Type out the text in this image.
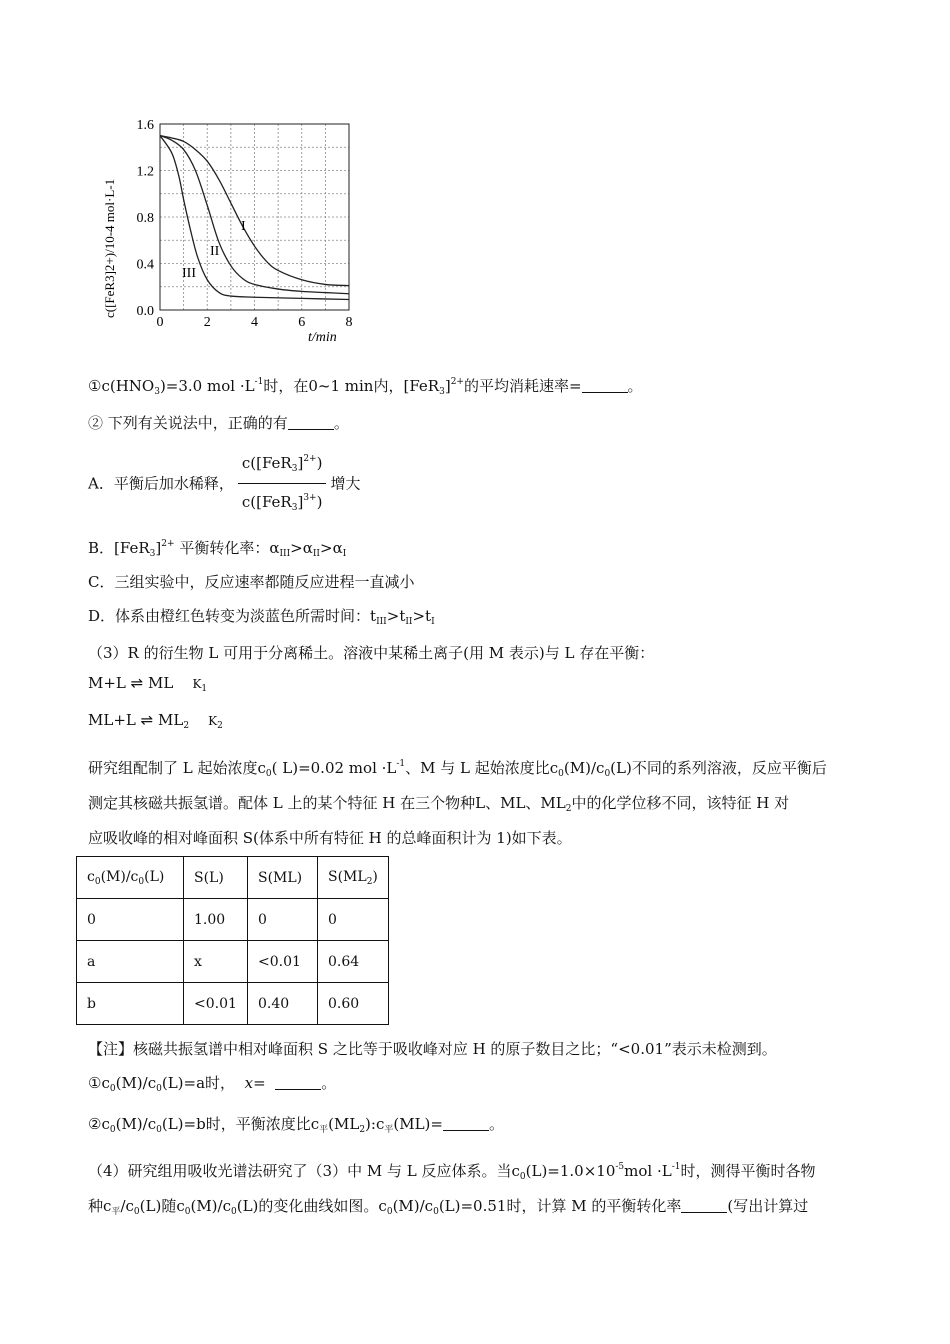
0	2	4	6	8
0.0
0.4
0.8
1.2
1.6
I
II
III
t/min
c([FeR3]2+)/10-4 mol·L-1
$①c(HNO_3)=3.0$ mol $\cdot L^{-1}$时，在0~1 min内，$[FeR_3]^{2+}$的平均消耗速率=	。
② 下列有关说法中，正确的有	。
A．平衡后加水稀释， $\frac{c([FeR_3]^{2+})}{c([FeR_3]^{3+})}$ 增大
B．$[FeR_3]^{2+}$ 平衡转化率：$\alpha_{III}>\alpha_{II}>\alpha_I$
C．三组实验中，反应速率都随反应进程一直减小
D．体系由橙红色转变为淡蓝色所需时间：$t_{III}>t_{II}>t_I$
（3）R 的衍生物 L 可用于分离稀土。溶液中某稀土离子(用 M 表示)与 L 存在平衡：
M+L ⇌ ML $K_1$
ML+L ⇌ $ML_2$ $K_2$
研究组配制了 L 起始浓度$c_0$( L)=0.02 mol $\cdot L^{-1}$、M 与 L 起始浓度比$c_0(M)/c_0(L)$不同的系列溶液，反应平衡后
测定其核磁共振氢谱。配体 L 上的某个特征 H 在三个物种L、ML、$ML_2$中的化学位移不同，该特征 H 对
应吸收峰的相对峰面积 S(体系中所有特征 H 的总峰面积计为 1)如下表。
$c_0(M)/c_0(L)$	S(L)	S(ML)	$S(ML_2)$
0	1.00	0	0
a	x	<0.01	0.64
b	<0.01	0.40	0.60
【注】核磁共振氢谱中相对峰面积 S 之比等于吸收峰对应 H 的原子数目之比；“<0.01”表示未检测到。
$①c_0(M)/c_0(L)=a$时， x=	。
$②c_0(M)/c_0(L)=b$时，平衡浓度比$c_平(ML_2):c_平(ML)=$	。
（4）研究组用吸收光谱法研究了（3）中 M 与 L 反应体系。当$c_0(L)=1.0\times 10^{-5}mol \cdot L^{-1}$时，测得平衡时各物
种$c_平/c_0(L)$随$c_0(M)/c_0(L)$的变化曲线如图。$c_0(M)/c_0(L)=0.51$时，计算 M 的平衡转化率	(写出计算过
